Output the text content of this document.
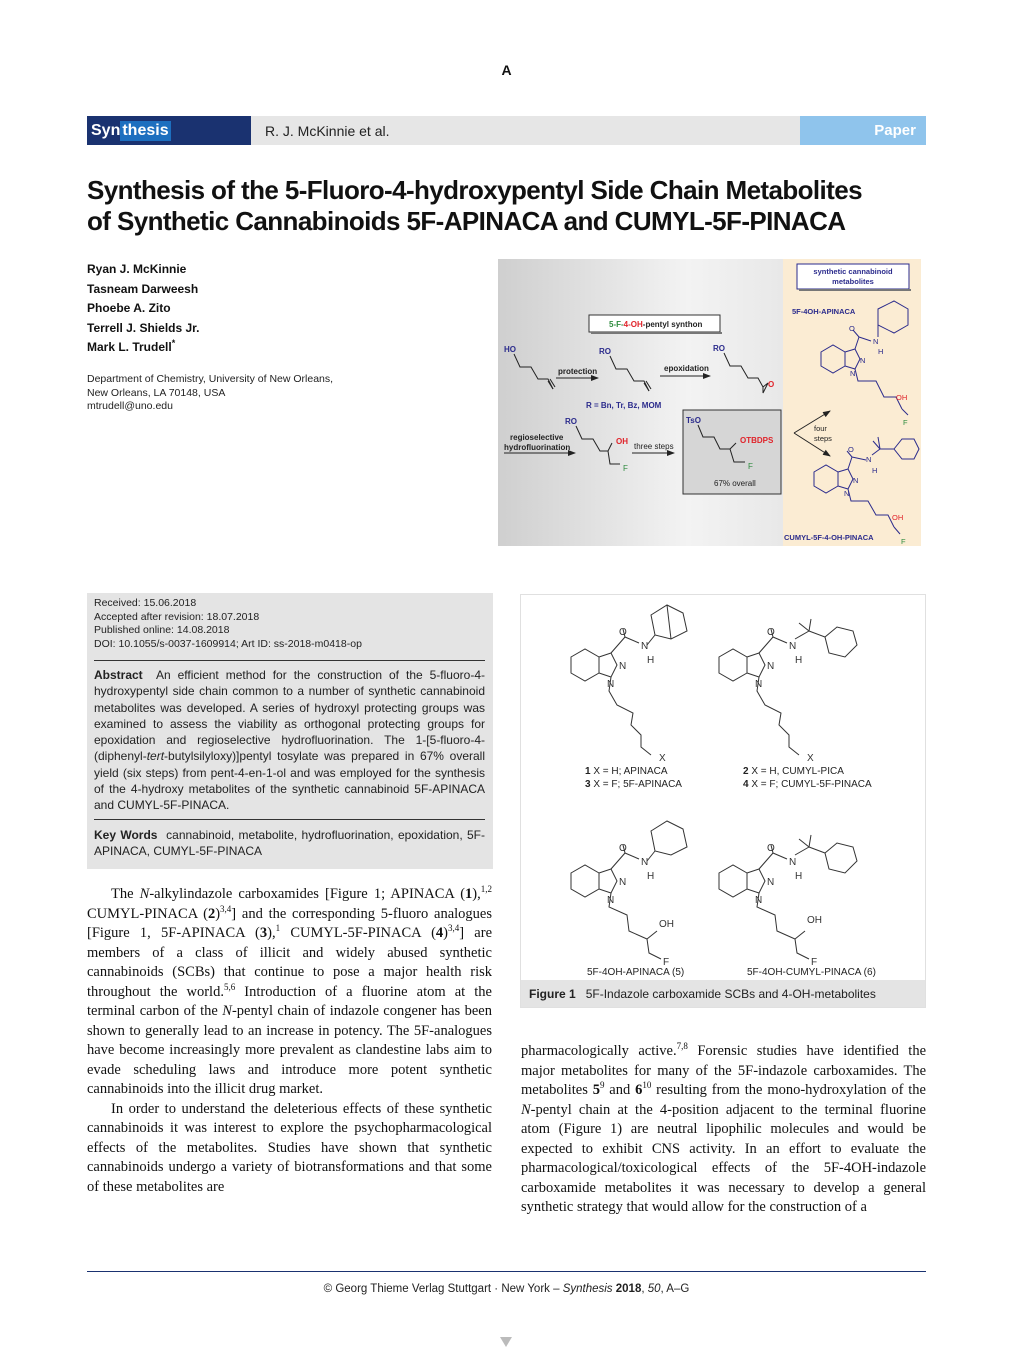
A
Syn thesis	R. J. McKinnie et al.	Paper
Synthesis of the 5-Fluoro-4-hydroxypentyl Side Chain Metabolites
of Synthetic Cannabinoids 5F-APINACA and CUMYL-5F-PINACA
Ryan J. McKinnie
Tasneam Darweesh
Phoebe A. Zito
Terrell J. Shields Jr.
Mark L. Trudell*
Department of Chemistry, University of New Orleans,
New Orleans, LA 70148, USA
mtrudell@uno.edu
5-F-4-OH-pentyl synthon
HO
protection
RO
epoxidation
RO
O
R = Bn, Tr, Bz, MOM
regioselective
hydrofluorination
RO
OH
F
three steps
TsO
OTBDPS
F
67% overall
four
steps
synthetic cannabinoid
metabolites
5F-4OH-APINACA
O
N
H
N
N
OH
F
O
N
H
N
N
OH
CUMYL-5F-4-OH-PINACA	F
Received: 15.06.2018
Accepted after revision: 18.07.2018
Published online: 14.08.2018
DOI: 10.1055/s-0037-1609914; Art ID: ss-2018-m0418-op
Abstract An efficient method for the construction of the 5-fluoro-4-hydroxypentyl side chain common to a number of synthetic cannabinoid metabolites was developed. A series of hydroxyl protecting groups was examined to assess the viability as orthogonal protecting groups for epoxidation and regioselective hydrofluorination. The 1-[5-fluoro-4-(diphenyl-tert-butylsilyloxy)]pentyl tosylate was prepared in 67% overall yield (six steps) from pent-4-en-1-ol and was employed for the synthesis of the 4-hydroxy metabolites of the synthetic cannabinoid 5F-APINACA and CUMYL-5F-PINACA.
Key Words cannabinoid, metabolite, hydrofluorination, epoxidation, 5F-APINACA, CUMYL-5F-PINACA
O
N
H
N
N
X
O
N
H
N
N
X
O
N
H
N
N
OH
F
O
N
H
N
N
OH
F
1 X = H; APINACA
3 X = F; 5F-APINACA
2 X = H, CUMYL-PICA
4 X = F; CUMYL-5F-PINACA
5F-4OH-APINACA (5)	5F-4OH-CUMYL-PINACA (6)
Figure 1
5F-Indazole carboxamide SCBs and 4-OH-metabolites

The N-alkylindazole carboxamides [Figure 1; APINACA (1),$^{1,2}$ CUMYL-PINACA $(2)^{3,4}$] and the corresponding 5-fluoro analogues [Figure 1, 5F-APINACA (3),$^1$ CUMYL-5F-PINACA $(4)^{3,4}$] are members of a class of illicit and widely abused synthetic cannabinoids (SCBs) that continue to pose a major health risk throughout the world.$^{5,6}$ Introduction of a fluorine atom at the terminal carbon of the N-pentyl chain of indazole congener has been shown to generally lead to an increase in potency. The 5F-analogues have become increasingly more prevalent as clandestine labs aim to evade scheduling laws and introduce more potent synthetic cannabinoids into the illicit drug market.

In order to understand the deleterious effects of these synthetic cannabinoids it was interest to explore the psychopharmacological effects of the metabolites. Studies have shown that synthetic cannabinoids undergo a variety of biotransformations and that some of these metabolites are

pharmacologically active.$^{7,8}$ Forensic studies have identified the major metabolites for many of the 5F-indazole carboxamides. The metabolites $5^9$ and $6^{10}$ resulting from the mono-hydroxylation of the N-pentyl chain at the 4-position adjacent to the terminal fluorine atom (Figure 1) are neutral lipophilic molecules and would be expected to exhibit CNS activity. In an effort to evaluate the pharmacological/toxicological effects of the 5F-4OH-indazole carboxamide metabolites it was necessary to develop a general synthetic strategy that would allow for the construction of a

© Georg Thieme Verlag Stuttgart · New York – Synthesis 2018, 50, A–G
